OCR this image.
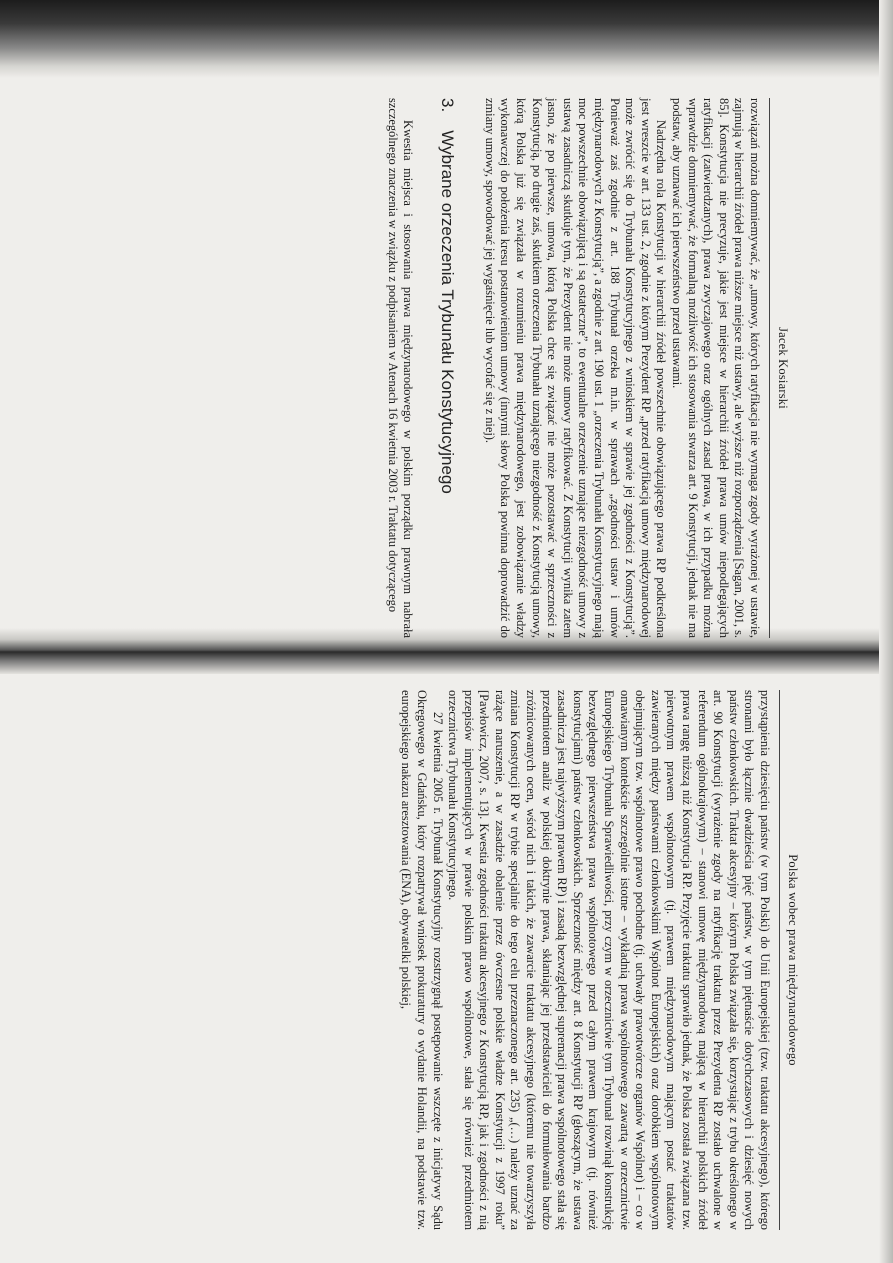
Jacek Kosiarski

rozwiązań można domniemywać, że „umowy, których ratyfikacja nie wymaga zgody wyrażonej w ustawie, zajmują w hierarchii źródeł prawa niższe miejsce niż ustawy, ale wyższe niż rozporządzenia [Sagan, 2001, s. 85]. Konstytucja nie precyzuje, jakie jest miejsce w hierarchii źródeł prawa umów niepodlegających ratyfikacji (zatwierdzanych), prawa zwyczajowego oraz ogólnych zasad prawa, w ich przypadku można wprawdzie domniemywać, że formalną możliwość ich stosowania stwarza art. 9 Konstytucji, jednak nie ma podstaw, aby uznawać ich pierwszeństwo przed ustawami.

Nadrzędna rola Konstytucji w hierarchii źródeł powszechnie obowiązującego prawa RP podkreślona jest wreszcie w art. 133 ust. 2, zgodnie z którym Prezydent RP „przed ratyfikacją umowy międzynarodowej może zwrócić się do Trybunału Konstytucyjnego z wnioskiem w sprawie jej zgodności z Konstytucją”. Ponieważ zaś zgodnie z art. 188 Trybunał orzeka m.in. w sprawach „zgodności ustaw i umów międzynarodowych z Konstytucją”, a zgodnie z art. 190 ust. 1 „orzeczenia Trybunału Konstytucyjnego mają moc powszechnie obowiązującą i są ostateczne”, to ewentualne orzeczenie uznające niezgodność umowy z ustawą zasadniczą skutkuje tym, że Prezydent nie może umowy ratyfikować. Z Konstytucji wynika zatem jasno, że po pierwsze, umowa, którą Polska chce się związać nie może pozostawać w sprzeczności z Konstytucją, po drugie zaś, skutkiem orzeczenia Trybunału uznającego niezgodność z Konstytucją umowy, którą Polska już się związała w rozumieniu prawa międzynarodowego, jest zobowiązanie władzy wykonawczej do położenia kresu postanowieniom umowy (innymi słowy Polska powinna doprowadzić do zmiany umowy, spowodować jej wygaśnięcie lub wycofać się z niej).

3.
Wybrane orzeczenia Trybunału Konstytucyjnego

Kwestia miejsca i stosowania prawa międzynarodowego w polskim porządku prawnym nabrała szczególnego znaczenia w związku z podpisaniem w Atenach 16 kwietnia 2003 r. Traktatu dotyczącego

Polska wobec prawa międzynarodowego

przystąpienia dziesięciu państw (w tym Polski) do Unii Europejskiej (tzw. traktatu akcesyjnego), którego stronami było łącznie dwadzieścia pięć państw, w tym piętnaście dotychczasowych i dziesięć nowych państw członkowskich. Traktat akcesyjny – którym Polska związała się, korzystając z trybu określonego w art. 90 Konstytucji (wyrażenie zgody na ratyfikację traktatu przez Prezydenta RP zostało uchwalone w referendum ogólnokrajowym) – stanowi umowę międzynarodową mającą w hierarchii polskich źródeł prawa rangę niższą niż Konstytucja RP. Przyjęcie traktatu sprawiło jednak, że Polska została związana tzw. pierwotnym prawem wspólnotowym (tj. prawem międzynarodowym mającym postać traktatów zawieranych między państwami członkowskimi Wspólnot Europejskich) oraz dorobkiem wspólnotowym obejmującym tzw. wspólnotowe prawo pochodne (tj. uchwały prawotwórcze organów Wspólnot) i – co w omawianym kontekście szczególnie istotne – wykładnią prawa wspólnotowego zawartą w orzecznictwie Europejskiego Trybunału Sprawiedliwości, przy czym w orzecznictwie tym Trybunał rozwinął konstrukcję bezwzględnego pierwszeństwa prawa wspólnotowego przed całym prawem krajowym (tj. również konstytucjami) państw członkowskich. Sprzeczność między art. 8 Konstytucji RP (głoszącym, że ustawa zasadnicza jest najwyższym prawem RP) i zasadą bezwzględnej supremacji prawa wspólnotowego stała się przedmiotem analiz w polskiej doktrynie prawa, skłaniając jej przedstawicieli do formułowania bardzo zróżnicowanych ocen, wśród nich i takich, że zawarcie traktatu akcesyjnego (któremu nie towarzyszyła zmiana Konstytucji RP w trybie specjalnie do tego celu przeznaczonego art. 235) „(…) należy uznać za rażące naruszenie, a w zasadzie obalenie przez ówczesne polskie władze Konstytucji z 1997 roku” [Pawłowicz, 2007, s. 13]. Kwestia zgodności traktatu akcesyjnego z Konstytucją RP, jak i zgodności z nią przepisów implementujących w prawie polskim prawo wspólnotowe, stała się również przedmiotem orzecznictwa Trybunału Konstytucyjnego.

27 kwietnia 2005 r. Trybunał Konstytucyjny rozstrzygnął postępowanie wszczęte z inicjatywy Sądu Okręgowego w Gdańsku, który rozpatrywał wniosek prokuratury o wydanie Holandii, na podstawie tzw. europejskiego nakazu aresztowania (ENA), obywatelki polskiej,
